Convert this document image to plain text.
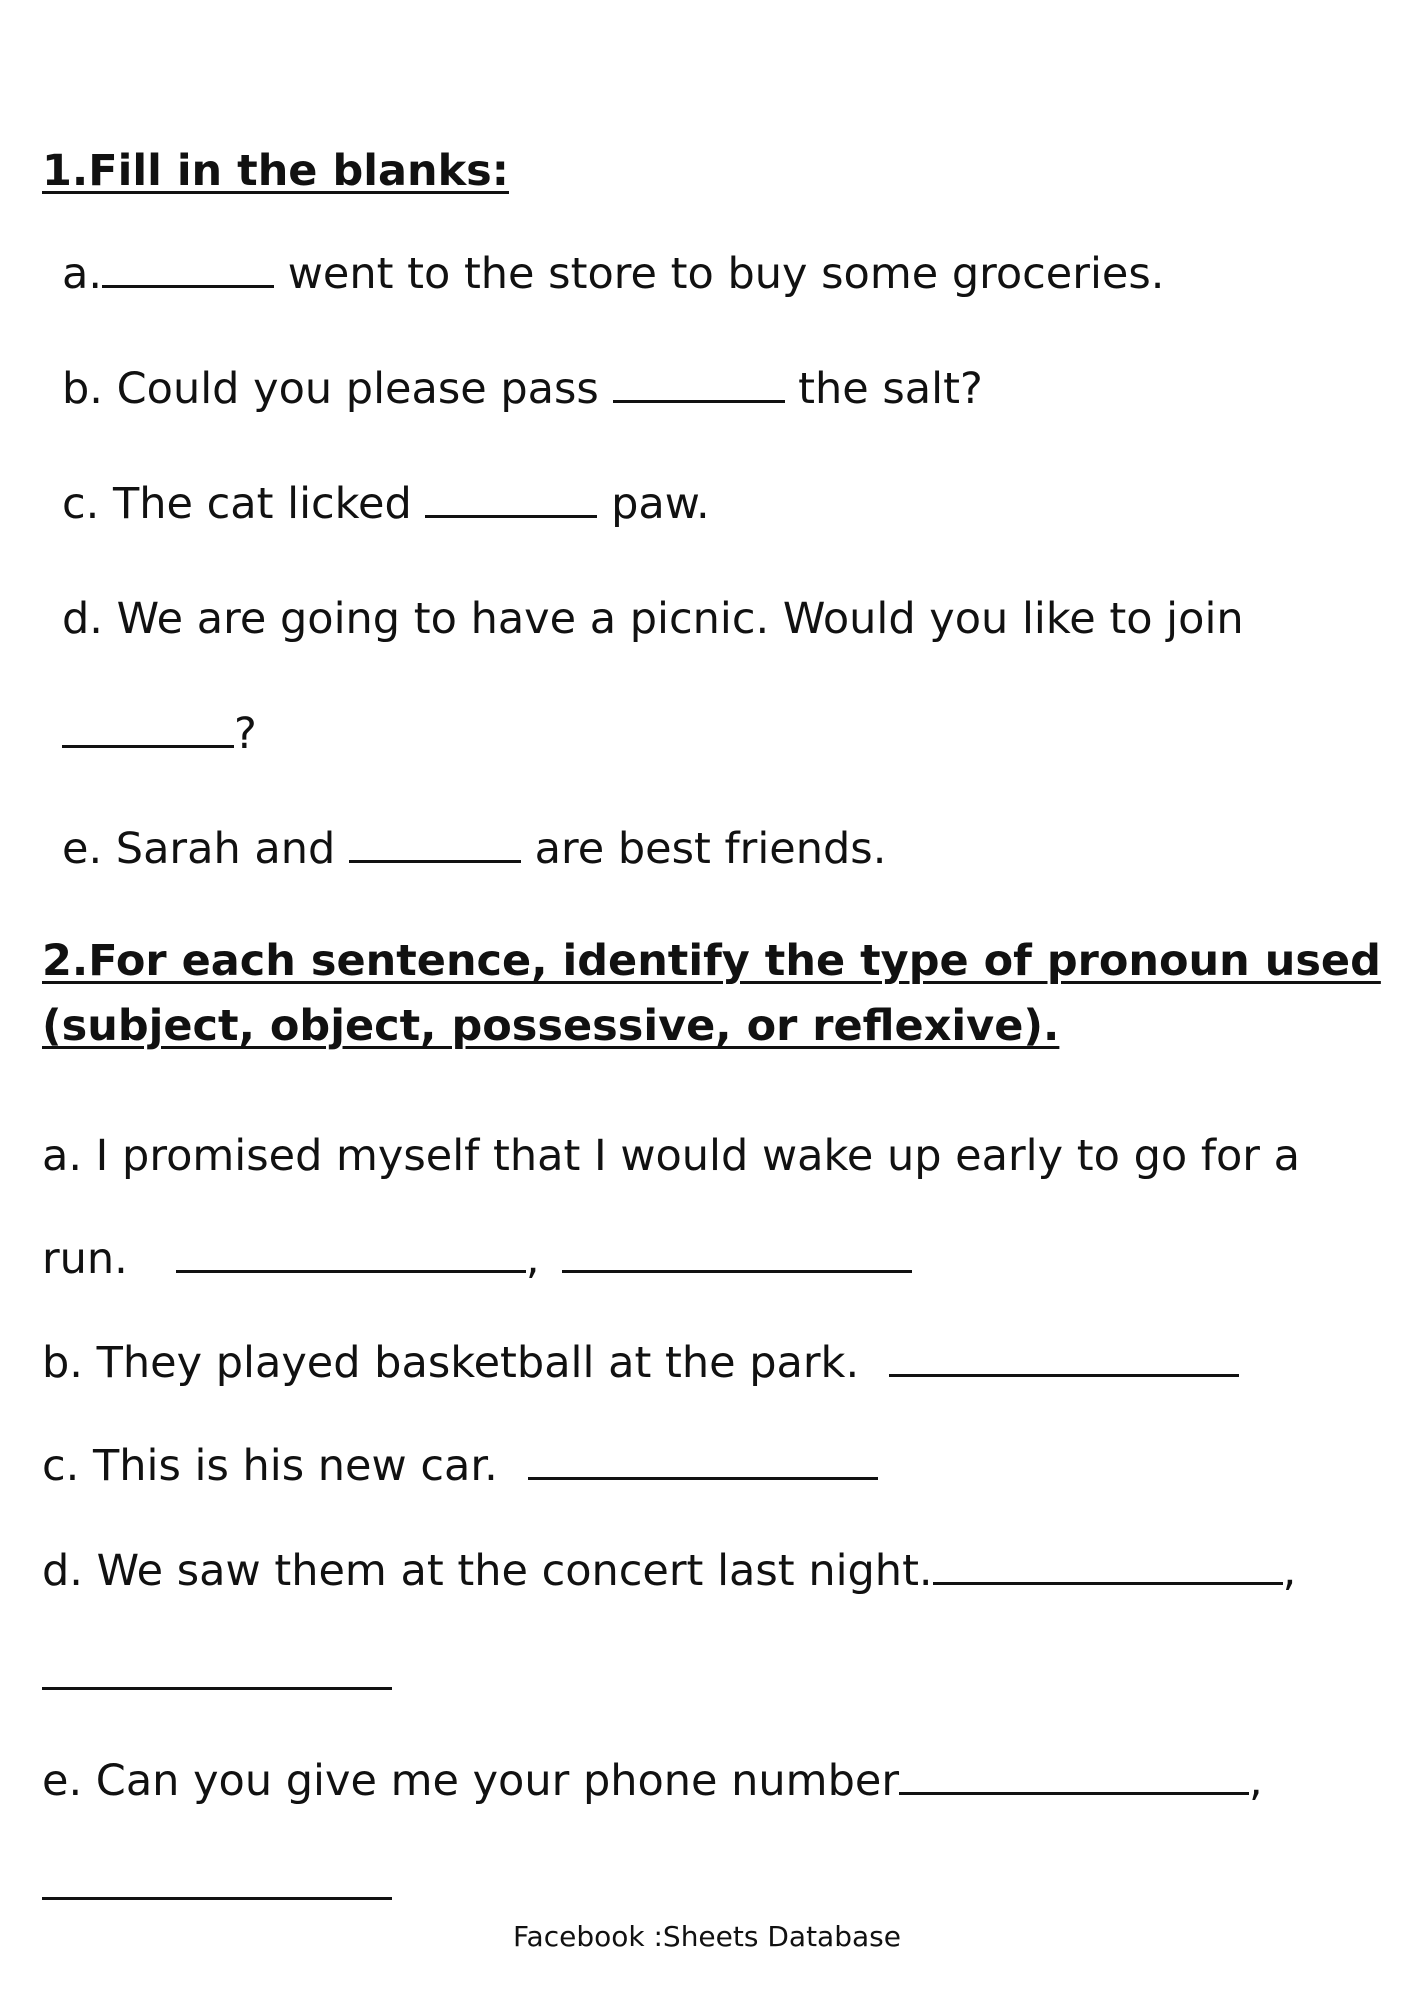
1.Fill in the blanks:
a.	went to the store to buy some groceries.
b. Could you please pass	the salt?
c. The cat licked	paw.
d. We are going to have a picnic. Would you like to join
?
e. Sarah and	are best friends.
2.For each sentence, identify the type of pronoun used
(subject, object, possessive, or reflexive).
a. I promised myself that I would wake up early to go for a
run.	,
b. They played basketball at the park.
c. This is his new car.
d. We saw them at the concert last night.	,
e. Can you give me your phone number	,
Facebook :Sheets Database
